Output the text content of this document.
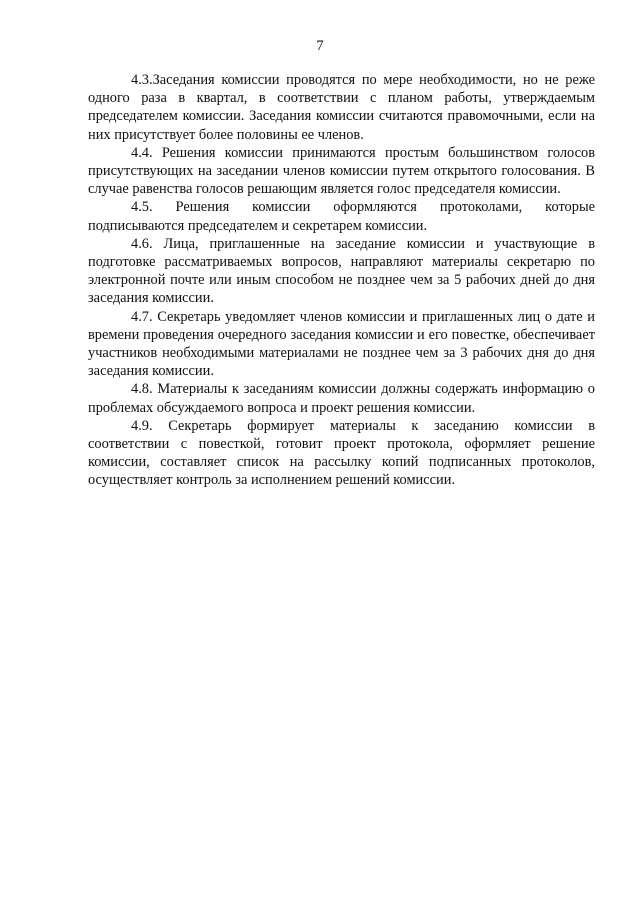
7

4.3.Заседания комиссии проводятся по мере необходимости, но не реже одного раза в квартал, в соответствии с планом работы, утверждаемым председателем комиссии. Заседания комиссии считаются правомочными, если на них присутствует более половины ее членов.

4.4. Решения комиссии принимаются простым большинством голосов присутствующих на заседании членов комиссии путем открытого голосования. В случае равенства голосов решающим является голос председателя комиссии.

4.5. Решения комиссии оформляются протоколами, которые подписываются председателем и секретарем комиссии.

4.6. Лица, приглашенные на заседание комиссии и участвующие в подготовке рассматриваемых вопросов, направляют материалы секретарю по электронной почте или иным способом не позднее чем за 5 рабочих дней до дня заседания комиссии.

4.7. Секретарь уведомляет членов комиссии и приглашенных лиц о дате и времени проведения очередного заседания комиссии и его повестке, обеспечивает участников необходимыми материалами не позднее чем за 3 рабочих дня до дня заседания комиссии.

4.8. Материалы к заседаниям комиссии должны содержать информацию о проблемах обсуждаемого вопроса и проект решения комиссии.

4.9. Секретарь формирует материалы к заседанию комиссии в соответствии с повесткой, готовит проект протокола, оформляет решение комиссии, составляет список на рассылку копий подписанных протоколов, осуществляет контроль за исполнением решений комиссии.
